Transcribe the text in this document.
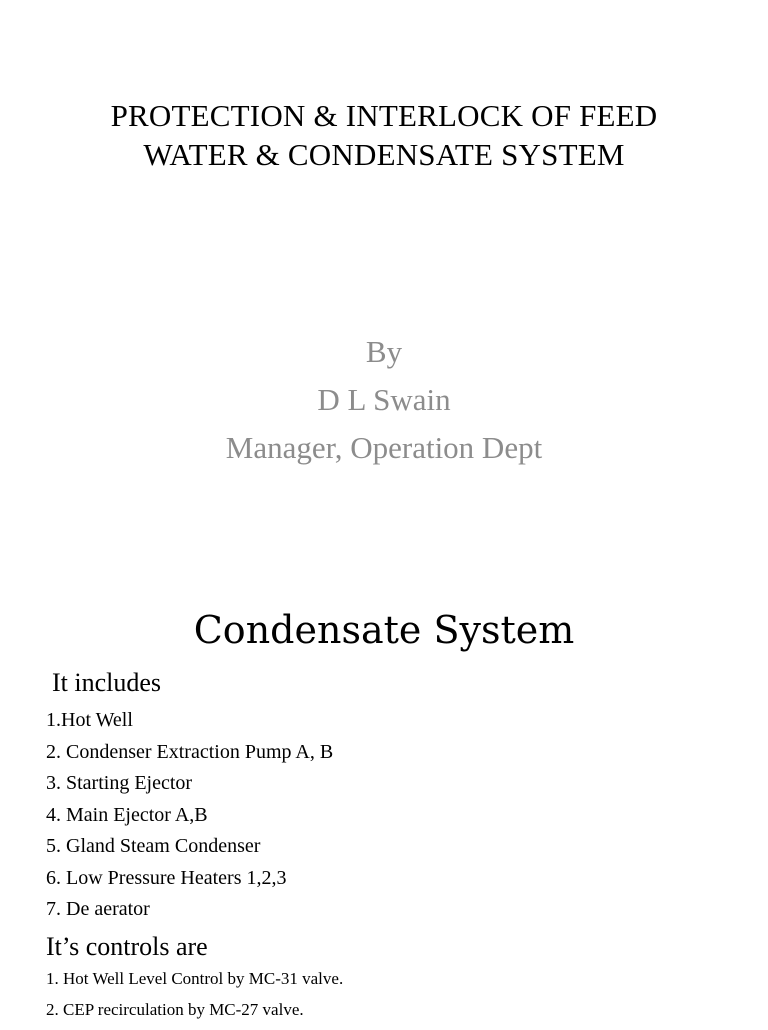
PROTECTION & INTERLOCK OF FEED
WATER & CONDENSATE SYSTEM
By
D L Swain
Manager, Operation Dept
Condensate System
It includes
1.Hot Well
2. Condenser Extraction Pump A, B
3. Starting Ejector
4. Main Ejector A,B
5. Gland Steam Condenser
6. Low Pressure Heaters 1,2,3
7. De aerator
It’s controls are
1. Hot Well Level Control by MC-31 valve.
2. CEP recirculation by MC-27 valve.
